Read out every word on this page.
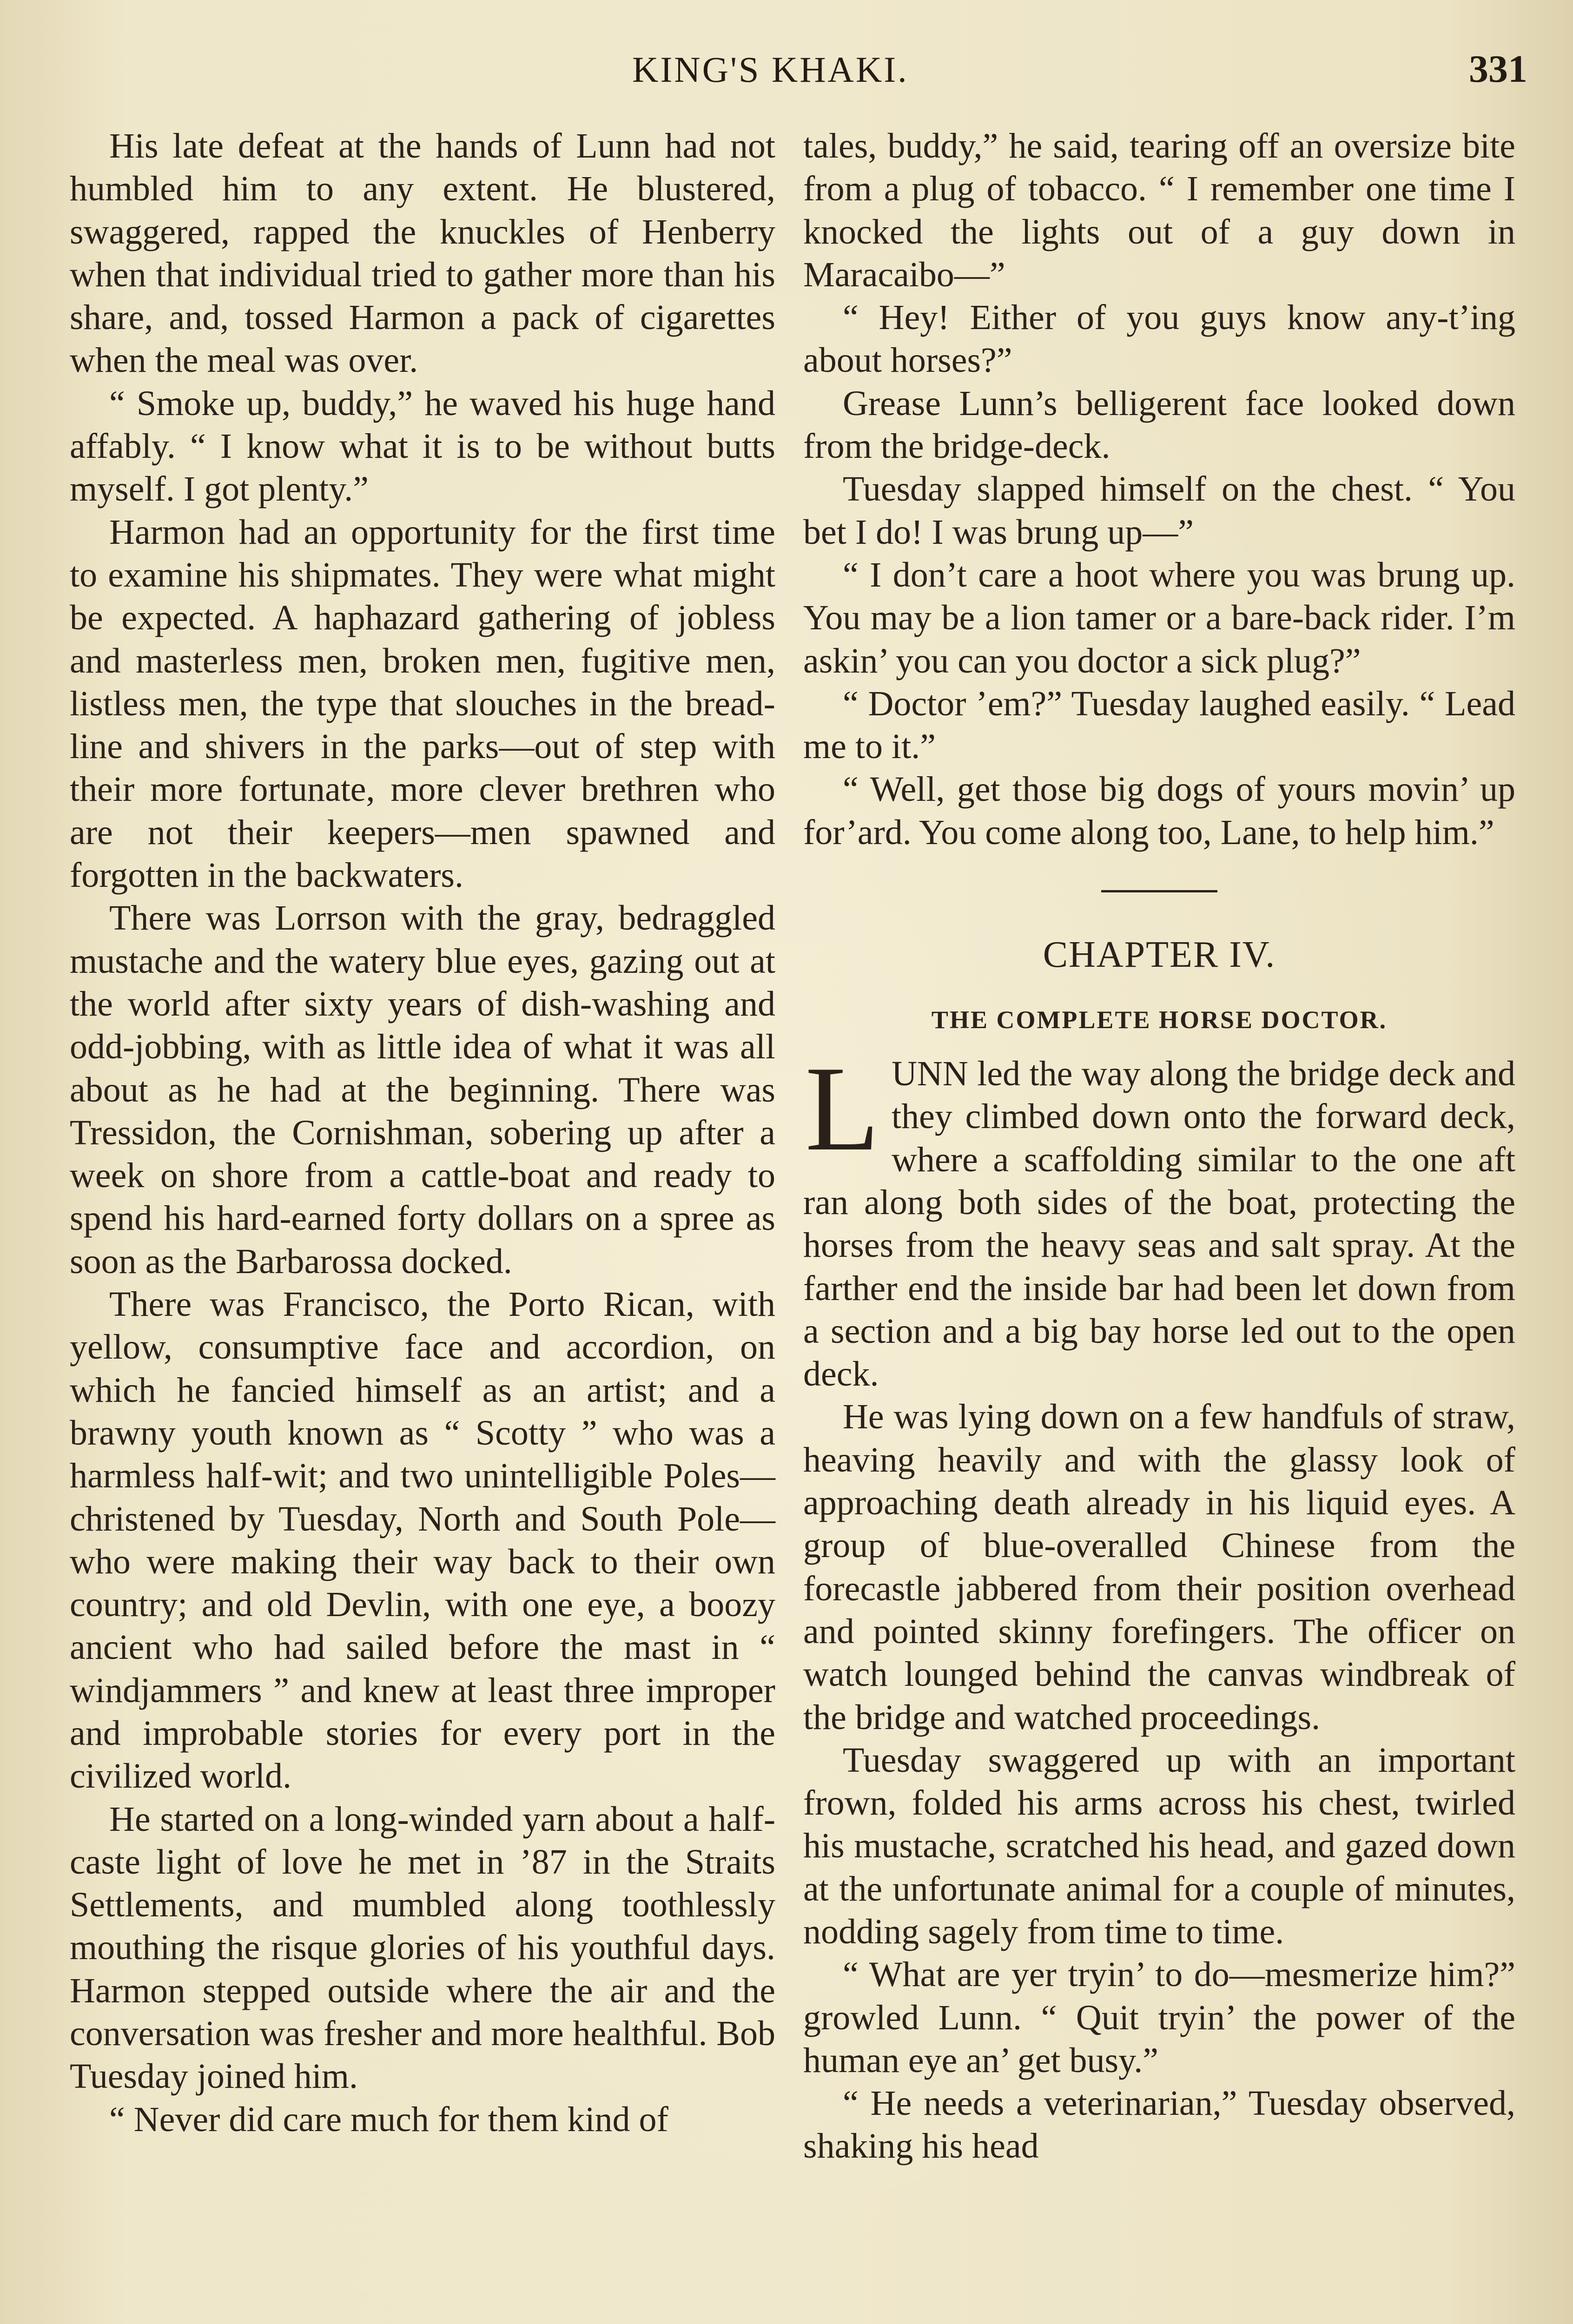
KING'S KHAKI.	331

His late defeat at the hands of Lunn had not humbled him to any extent. He blustered, swaggered, rapped the knuckles of Henberry when that individual tried to gather more than his share, and, tossed Harmon a pack of cigarettes when the meal was over.

“ Smoke up, buddy,” he waved his huge hand affably. “ I know what it is to be without butts myself. I got plenty.”

Harmon had an opportunity for the first time to examine his shipmates. They were what might be expected. A haphazard gathering of jobless and masterless men, broken men, fugitive men, listless men, the type that slouches in the bread-line and shivers in the parks—out of step with their more fortunate, more clever brethren who are not their keepers—men spawned and forgotten in the backwaters.

There was Lorrson with the gray, bedraggled mustache and the watery blue eyes, gazing out at the world after sixty years of dish-washing and odd-jobbing, with as little idea of what it was all about as he had at the beginning. There was Tressidon, the Cornishman, sobering up after a week on shore from a cattle-boat and ready to spend his hard-earned forty dollars on a spree as soon as the Barbarossa docked.

There was Francisco, the Porto Rican, with yellow, consumptive face and accordion, on which he fancied himself as an artist; and a brawny youth known as “ Scotty ” who was a harmless half-wit; and two unintelligible Poles—christened by Tuesday, North and South Pole—who were making their way back to their own country; and old Devlin, with one eye, a boozy ancient who had sailed before the mast in “ windjammers ” and knew at least three improper and improbable stories for every port in the civilized world.

He started on a long-winded yarn about a half-caste light of love he met in ’87 in the Straits Settlements, and mumbled along toothlessly mouthing the risque glories of his youthful days. Harmon stepped outside where the air and the conversation was fresher and more healthful. Bob Tuesday joined him.

“ Never did care much for them kind of

tales, buddy,” he said, tearing off an oversize bite from a plug of tobacco. “ I remember one time I knocked the lights out of a guy down in Maracaibo—”

“ Hey! Either of you guys know any-t’ing about horses?”

Grease Lunn’s belligerent face looked down from the bridge-deck.

Tuesday slapped himself on the chest. “ You bet I do! I was brung up—”

“ I don’t care a hoot where you was brung up. You may be a lion tamer or a bare-back rider. I’m askin’ you can you doctor a sick plug?”

“ Doctor ’em?” Tuesday laughed easily. “ Lead me to it.”

“ Well, get those big dogs of yours movin’ up for’ard. You come along too, Lane, to help him.”

CHAPTER IV.
THE COMPLETE HORSE DOCTOR.

LUNN led the way along the bridge deck and they climbed down onto the forward deck, where a scaffolding similar to the one aft ran along both sides of the boat, protecting the horses from the heavy seas and salt spray. At the farther end the inside bar had been let down from a section and a big bay horse led out to the open deck.

He was lying down on a few handfuls of straw, heaving heavily and with the glassy look of approaching death already in his liquid eyes. A group of blue-overalled Chinese from the forecastle jabbered from their position overhead and pointed skinny forefingers. The officer on watch lounged behind the canvas windbreak of the bridge and watched proceedings.

Tuesday swaggered up with an important frown, folded his arms across his chest, twirled his mustache, scratched his head, and gazed down at the unfortunate animal for a couple of minutes, nodding sagely from time to time.

“ What are yer tryin’ to do—mesmerize him?” growled Lunn. “ Quit tryin’ the power of the human eye an’ get busy.”

“ He needs a veterinarian,” Tuesday observed, shaking his head
